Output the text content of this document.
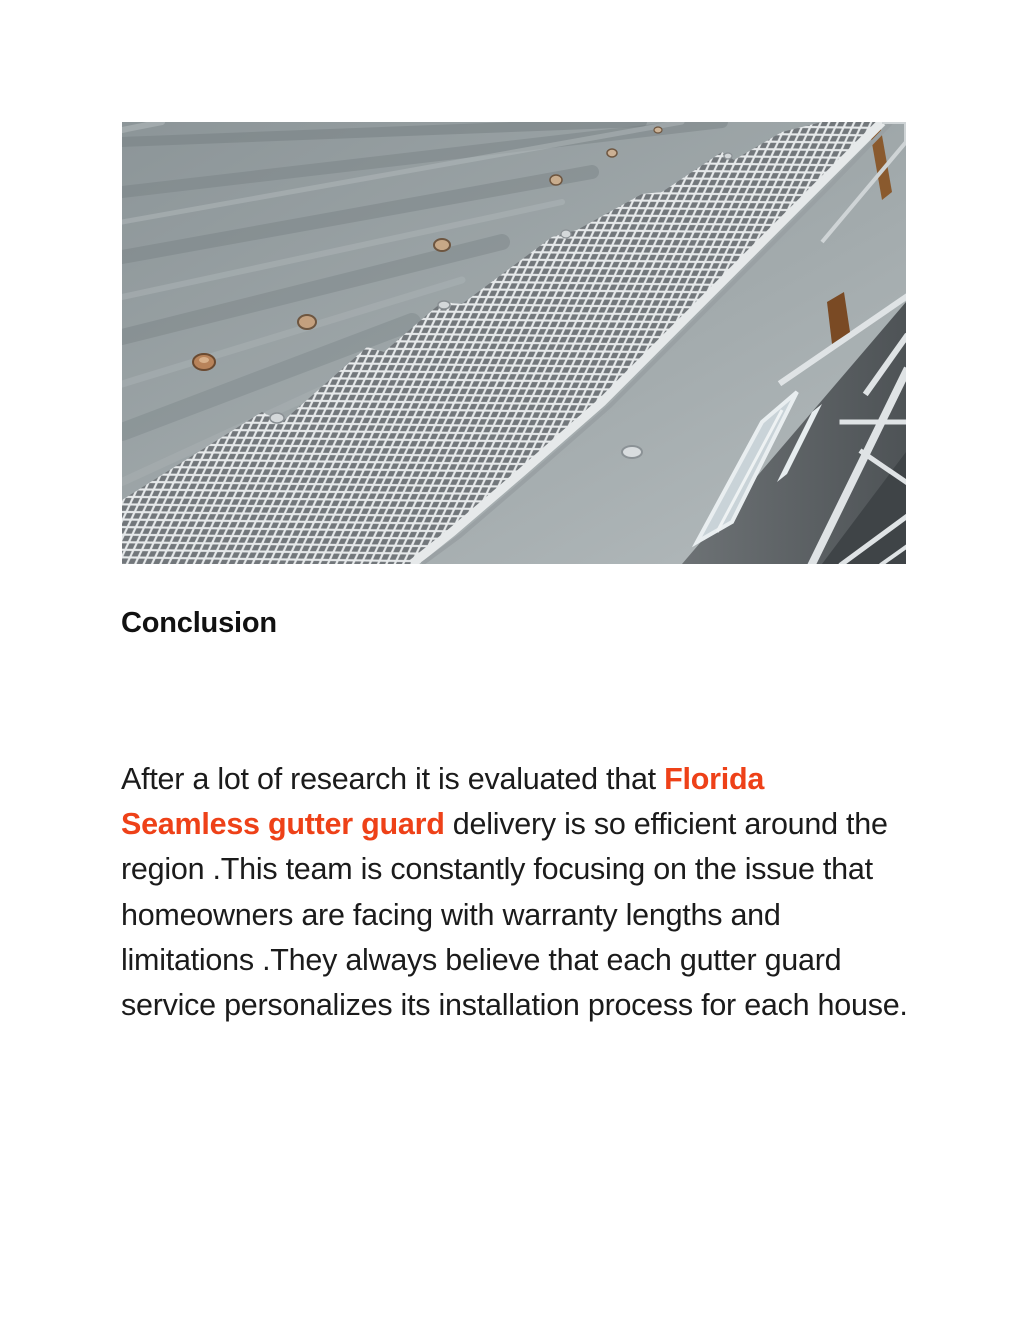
Conclusion

After a lot of research it is evaluated that Florida Seamless gutter guard delivery is so efficient around the region .This team is constantly focusing on the issue that homeowners are facing with warranty lengths and limitations .They always believe that each gutter guard service personalizes its installation process for each house.
